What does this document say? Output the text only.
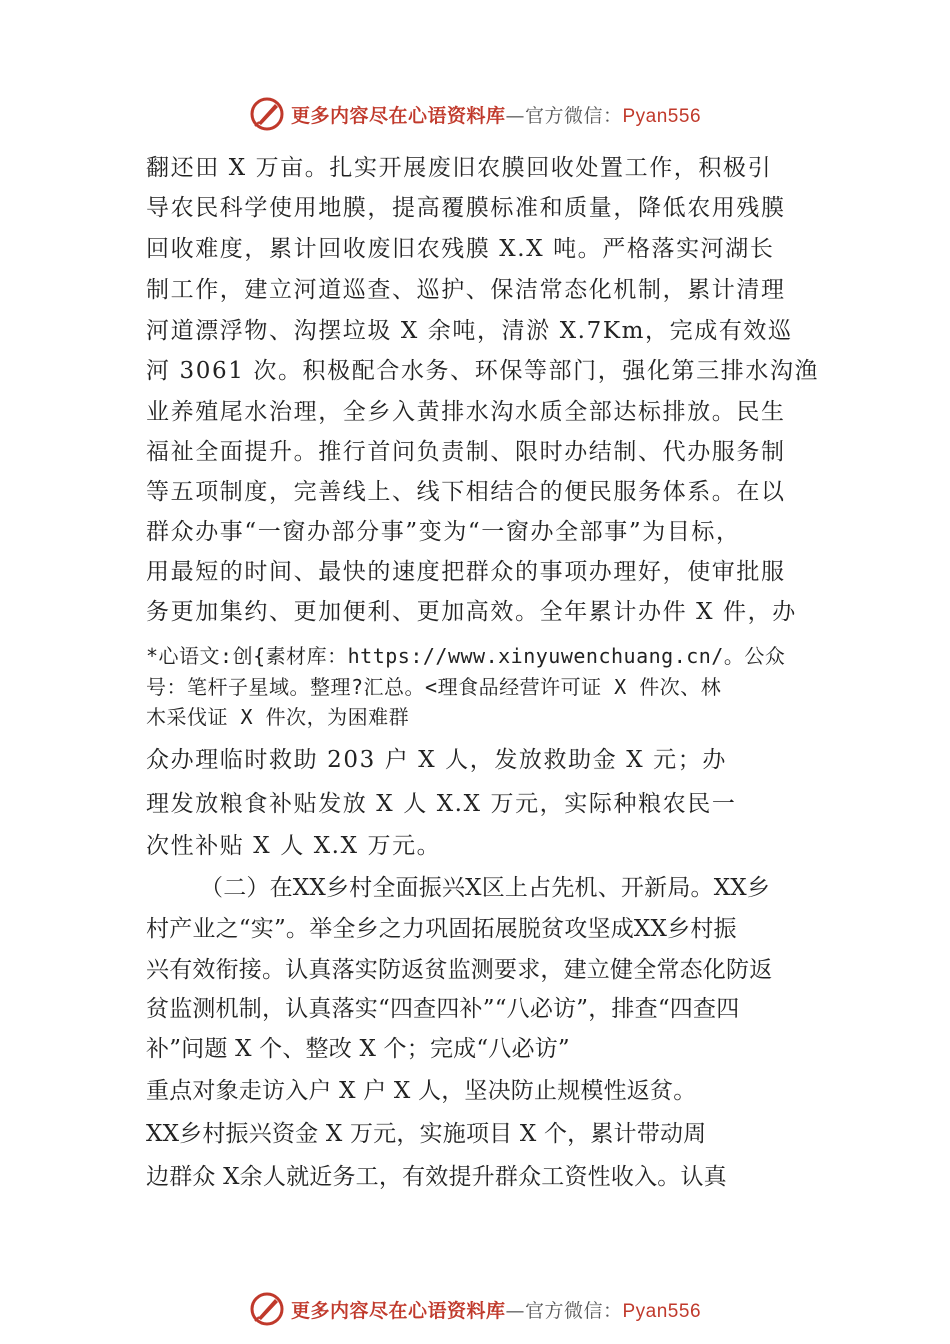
更多内容尽在心语资料库—官方微信：Pyan556
翻还田 X 万亩。扎实开展废旧农膜回收处置工作，积极引
导农民科学使用地膜，提高覆膜标准和质量，降低农用残膜
回收难度，累计回收废旧农残膜 X.X 吨。严格落实河湖长
制工作，建立河道巡查、巡护、保洁常态化机制，累计清理
河道漂浮物、沟摆垃圾 X 余吨，清淤 X.7Km，完成有效巡
河 3061 次。积极配合水务、环保等部门，强化第三排水沟渔
业养殖尾水治理，全乡入黄排水沟水质全部达标排放。民生
福祉全面提升。推行首问负责制、限时办结制、代办服务制
等五项制度，完善线上、线下相结合的便民服务体系。在以
群众办事“一窗办部分事”变为“一窗办全部事”为目标，
用最短的时间、最快的速度把群众的事项办理好，使审批服
务更加集约、更加便利、更加高效。全年累计办件 X 件，办
*心语文:创{素材库：https://www.xinyuwenchuang.cn/。公众
号：笔杆子星域。整理?汇总。<理食品经营许可证 X 件次、林
木采伐证 X 件次，为困难群
众办理临时救助 203 户 X 人，发放救助金 X 元；办
理发放粮食补贴发放 X 人 X.X 万元，实际种粮农民一
次性补贴 X 人 X.X 万元。
（二）在XX乡村全面振兴X区上占先机、开新局。XX乡
村产业之“实”。举全乡之力巩固拓展脱贫攻坚成XX乡村振
兴有效衔接。认真落实防返贫监测要求，建立健全常态化防返
贫监测机制，认真落实“四查四补”“八必访”，排查“四查四
补”问题 X 个、整改 X 个；完成“八必访”
重点对象走访入户 X 户 X 人，坚决防止规模性返贫。
XX乡村振兴资金 X 万元，实施项目 X 个，累计带动周
边群众 X余人就近务工，有效提升群众工资性收入。认真
更多内容尽在心语资料库—官方微信：Pyan556
